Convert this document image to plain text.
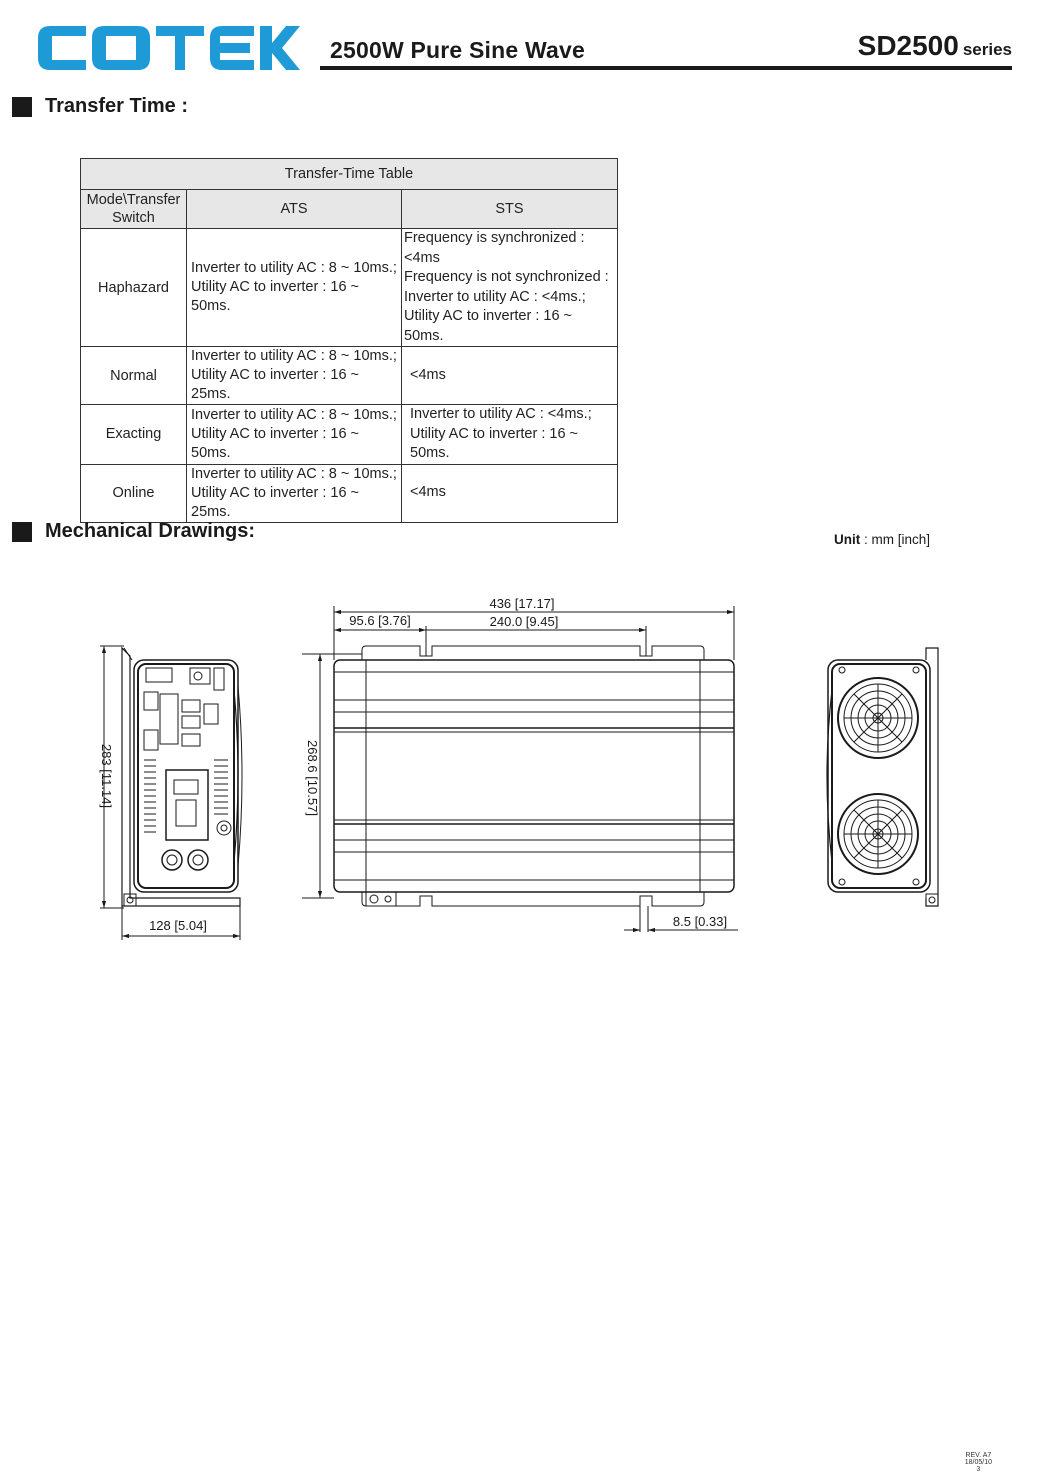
2500W Pure Sine Wave	SD2500 series
Transfer Time :
Transfer-Time Table		
Mode\Transfer
Switch	ATS	STS
Haphazard	Inverter to utility AC : 8 ~ 10ms.;
Utility AC to inverter : 16 ~ 50ms.	Frequency is synchronized : <4ms
Frequency is not synchronized :
Inverter to utility AC : <4ms.;
Utility AC to inverter : 16 ~ 50ms.

Normal	Inverter to utility AC : 8 ~ 10ms.;
Utility AC to inverter : 16 ~ 25ms.	<4ms

Exacting	Inverter to utility AC : 8 ~ 10ms.;
Utility AC to inverter : 16 ~ 50ms.	Inverter to utility AC : <4ms.;
Utility AC to inverter : 16 ~ 50ms.

Online	Inverter to utility AC : 8 ~ 10ms.;
Utility AC to inverter : 16 ~ 25ms.	<4ms
Mechanical Drawings:	Unit : mm [inch]
283 [11.14]
128 [5.04]
436 [17.17]
95.6 [3.76]	240.0 [9.45]
268.6 [10.57]
8.5 [0.33]
REV. A7
18/05/10
3
